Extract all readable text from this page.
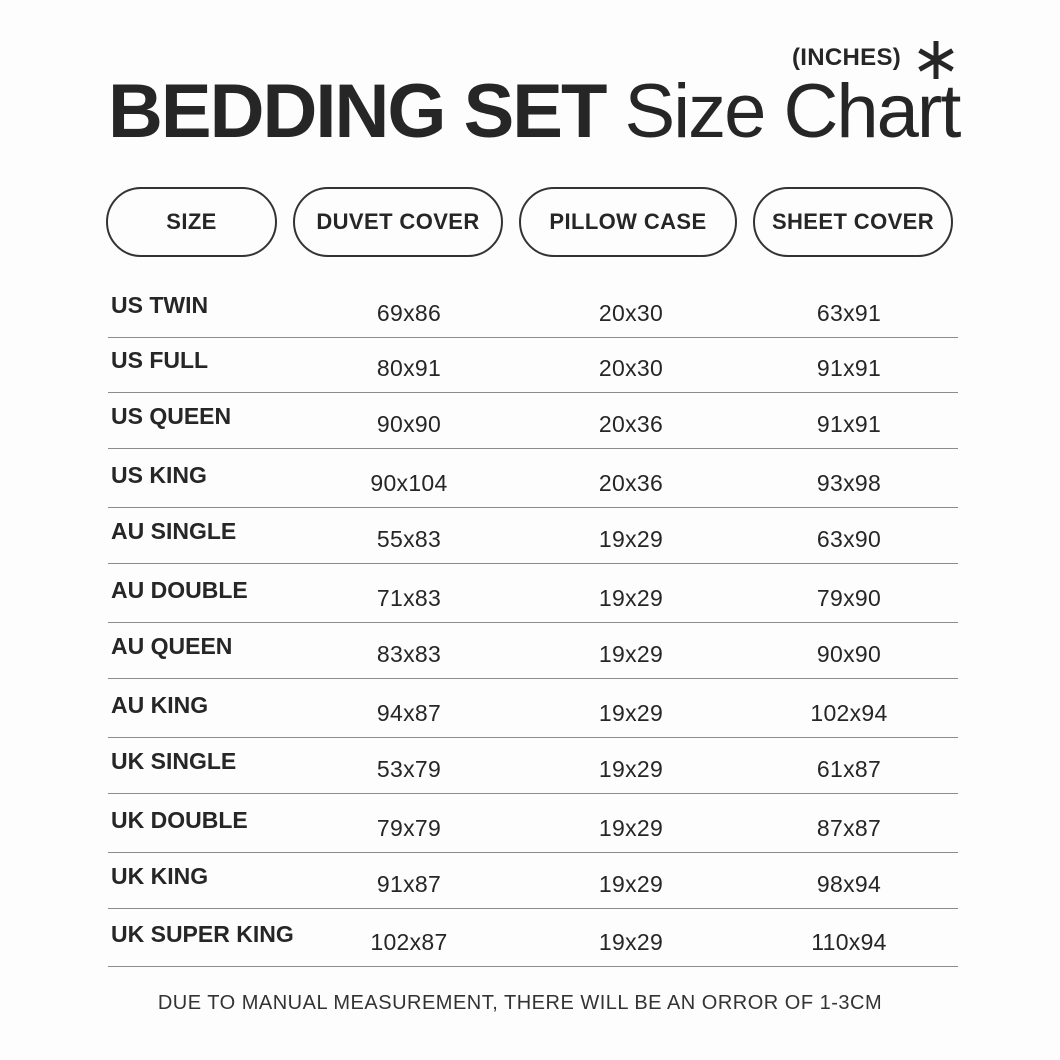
BEDDING SET Size Chart
(INCHES)
SIZE	DUVET COVER	PILLOW CASE	SHEET COVER
US TWIN	69x86	20x30	63x91
US FULL	80x91	20x30	91x91
US QUEEN	90x90	20x36	91x91
US KING	90x104	20x36	93x98
AU SINGLE	55x83	19x29	63x90
AU DOUBLE	71x83	19x29	79x90
AU QUEEN	83x83	19x29	90x90
AU KING	94x87	19x29	102x94
UK SINGLE	53x79	19x29	61x87
UK DOUBLE	79x79	19x29	87x87
UK KING	91x87	19x29	98x94
UK SUPER KING	102x87	19x29	110x94
DUE TO MANUAL MEASUREMENT, THERE WILL BE AN ORROR OF 1-3CM
